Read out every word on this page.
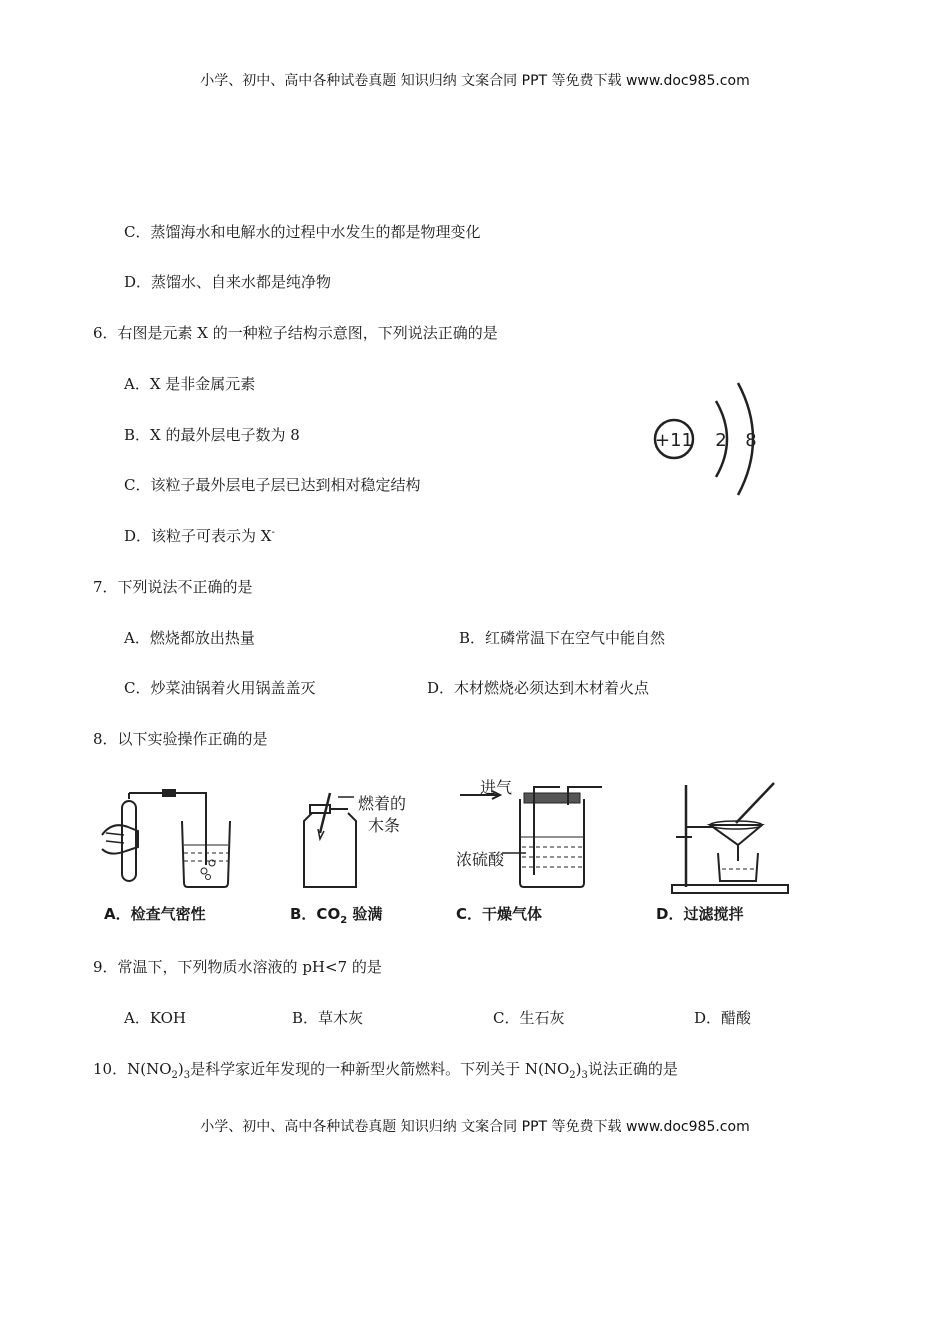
小学、初中、高中各种试卷真题 知识归纳 文案合同 PPT 等免费下载 www.doc985.com
C．蒸馏海水和电解水的过程中水发生的都是物理变化
D．蒸馏水、自来水都是纯净物
6．右图是元素 X 的一种粒子结构示意图，下列说法正确的是
A．X 是非金属元素
B．X 的最外层电子数为 8
C．该粒子最外层电子层已达到相对稳定结构
D．该粒子可表示为 X-
+11 2 8
7．下列说法不正确的是
A．燃烧都放出热量	B．红磷常温下在空气中能自然
C．炒菜油锅着火用锅盖盖灭	D．木材燃烧必须达到木材着火点
8．以下实验操作正确的是
A．检查气密性
燃着的
木条
B．$CO_2$ 验满
进气
浓硫酸
C．干燥气体	D．过滤搅拌
9．常温下，下列物质水溶液的 pH<7 的是
A．KOH	B．草木灰	C．生石灰	D．醋酸
10．$N(NO_2)_3$是科学家近年发现的一种新型火箭燃料。下列关于 $N(NO_2)_3$说法正确的是
小学、初中、高中各种试卷真题 知识归纳 文案合同 PPT 等免费下载 www.doc985.com
